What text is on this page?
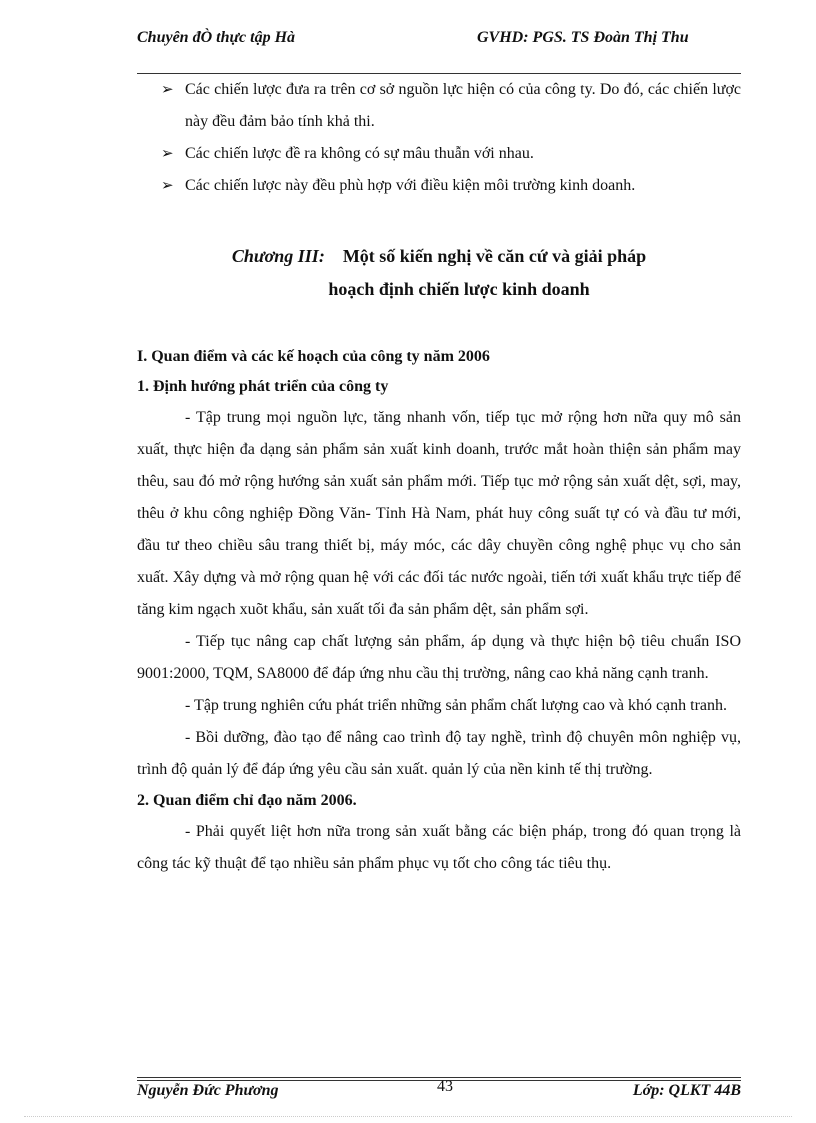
Chuyên đÒ thực tập Hà	GVHD: PGS. TS Đoàn Thị Thu
➢ Các chiến lược đưa ra trên cơ sở nguồn lực hiện có của công ty. Do đó, các chiến lược này đều đảm bảo tính khả thi.
➢ Các chiến lược đề ra không có sự mâu thuẫn với nhau.
➢ Các chiến lược này đều phù hợp với điều kiện môi trường kinh doanh.
Chương III: Một số kiến nghị về căn cứ và giải pháp
hoạch định chiến lược kinh doanh
I. Quan điểm và các kế hoạch của công ty năm 2006
1. Định hướng phát triển của công ty

- Tập trung mọi nguồn lực, tăng nhanh vốn, tiếp tục mở rộng hơn nữa quy mô sản xuất, thực hiện đa dạng sản phẩm sản xuất kinh doanh, trước mắt hoàn thiện sản phẩm may thêu, sau đó mở rộng hướng sản xuất sản phẩm mới. Tiếp tục mở rộng sản xuất dệt, sợi, may, thêu ở khu công nghiệp Đồng Văn- Tỉnh Hà Nam, phát huy công suất tự có và đầu tư mới, đầu tư theo chiều sâu trang thiết bị, máy móc, các dây chuyền công nghệ phục vụ cho sản xuất. Xây dựng và mở rộng quan hệ với các đối tác nước ngoài, tiến tới xuất khẩu trực tiếp để tăng kim ngạch xuõt khẩu, sản xuất tối đa sản phẩm dệt, sản phẩm sợi.

- Tiếp tục nâng cap chất lượng sản phẩm, áp dụng và thực hiện bộ tiêu chuẩn ISO 9001:2000, TQM, SA8000 để đáp ứng nhu cầu thị trường, nâng cao khả năng cạnh tranh.

- Tập trung nghiên cứu phát triển những sản phẩm chất lượng cao và khó cạnh tranh.

- Bồi dưỡng, đào tạo để nâng cao trình độ tay nghề, trình độ chuyên môn nghiệp vụ, trình độ quản lý để đáp ứng yêu cầu sản xuất. quản lý của nền kinh tế thị trường.

2. Quan điểm chỉ đạo năm 2006.

- Phải quyết liệt hơn nữa trong sản xuất bằng các biện pháp, trong đó quan trọng là công tác kỹ thuật để tạo nhiều sản phẩm phục vụ tốt cho công tác tiêu thụ.

Nguyễn Đức Phương	43	Lớp: QLKT 44B
